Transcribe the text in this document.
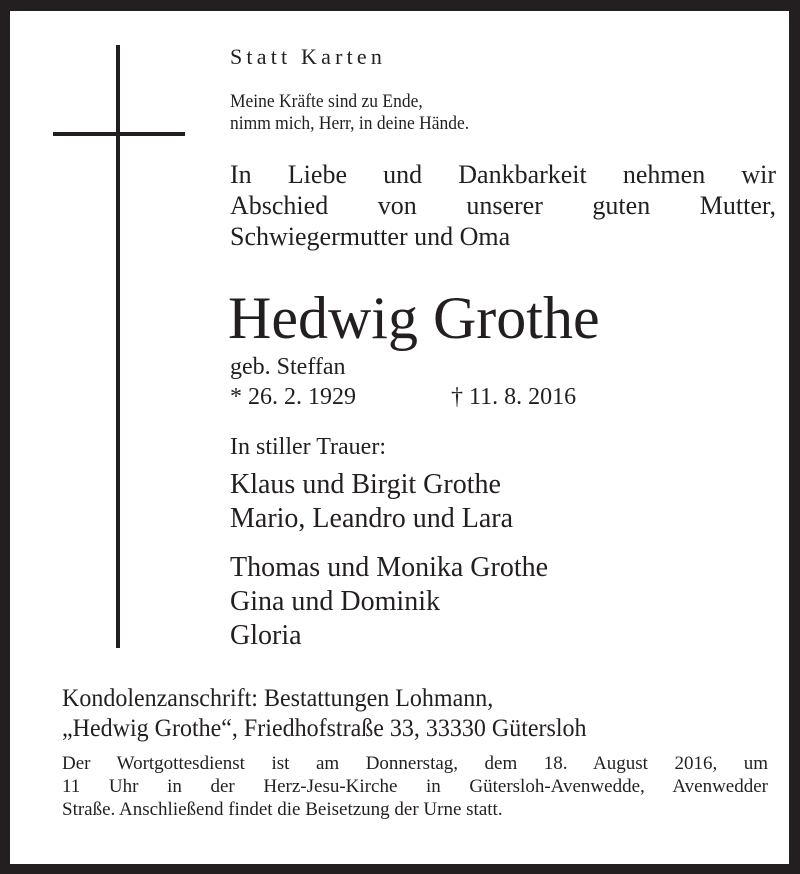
Statt Karten
Meine Kräfte sind zu Ende,
nimm mich, Herr, in deine Hände.
In Liebe und Dankbarkeit nehmen wir
Abschied von unserer guten Mutter,
Schwiegermutter und Oma
Hedwig Grothe
geb. Steffan
* 26. 2. 1929	† 11. 8. 2016
In stiller Trauer:
Klaus und Birgit Grothe
Mario, Leandro und Lara
Thomas und Monika Grothe
Gina und Dominik
Gloria
Kondolenzanschrift: Bestattungen Lohmann,
„Hedwig Grothe“, Friedhofstraße 33, 33330 Gütersloh
Der Wortgottesdienst ist am Donnerstag, dem 18. August 2016, um
11 Uhr in der Herz-Jesu-Kirche in Gütersloh-Avenwedde, Avenwedder
Straße. Anschließend findet die Beisetzung der Urne statt.
